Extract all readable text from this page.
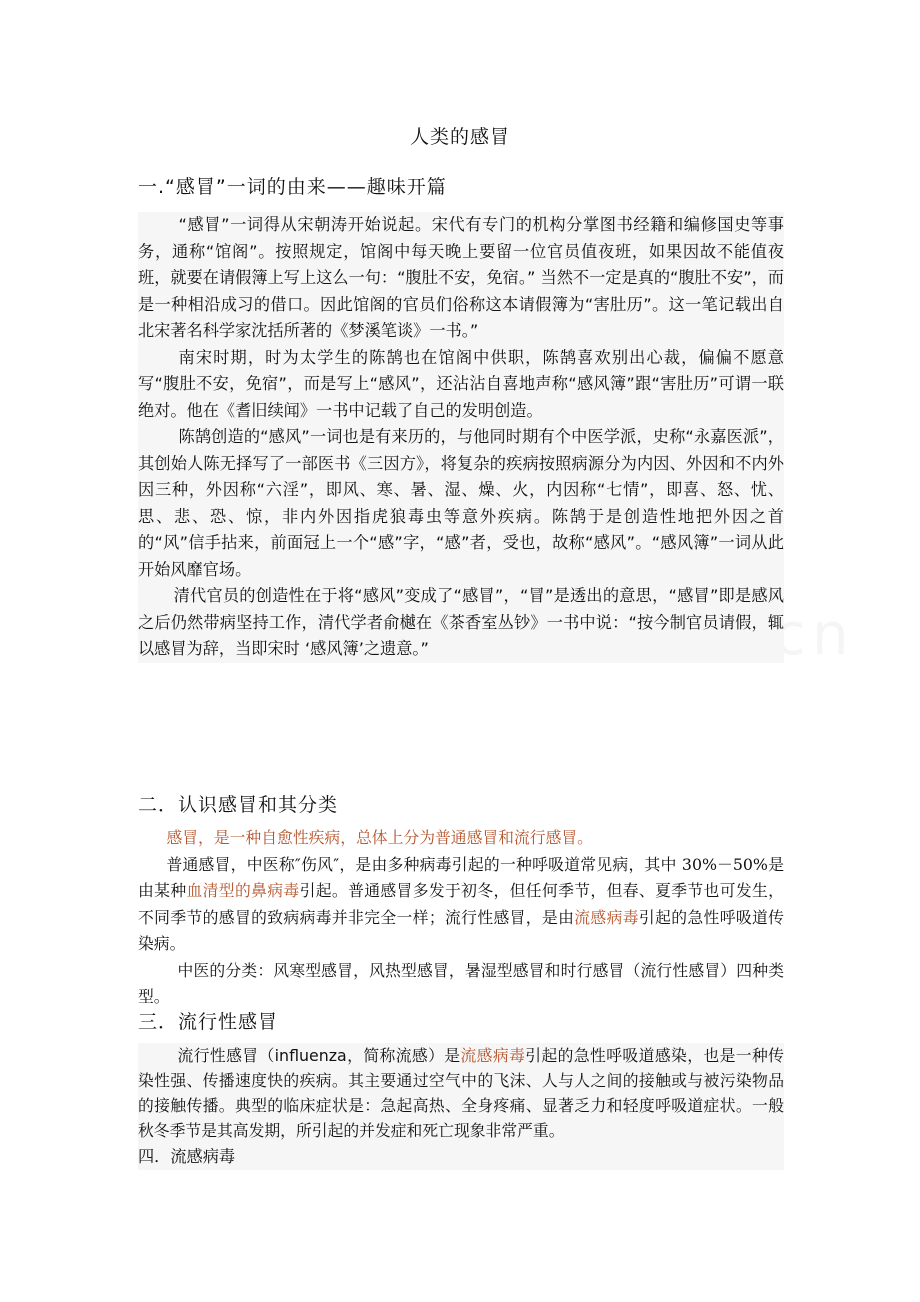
人类的感冒
一.“感冒”一词的由来——趣味开篇

“感冒”一词得从宋朝涛开始说起。宋代有专门的机构分掌图书经籍和编修国史等事务，通称“馆阁”。按照规定，馆阁中每天晚上要留一位官员值夜班，如果因故不能值夜班，就要在请假簿上写上这么一句：“腹肚不安，免宿。” 当然不一定是真的“腹肚不安”，而是一种相沿成习的借口。因此馆阁的官员们俗称这本请假簿为“害肚历”。这一笔记载出自北宋著名科学家沈括所著的《梦溪笔谈》一书。”

南宋时期，时为太学生的陈鹄也在馆阁中供职，陈鹄喜欢别出心裁，偏偏不愿意写“腹肚不安，免宿”，而是写上“感风”，还沾沾自喜地声称“感风簿”跟“害肚历”可谓一联绝对。他在《耆旧续闻》一书中记载了自己的发明创造。

陈鹄创造的“感风”一词也是有来历的，与他同时期有个中医学派，史称“永嘉医派”，其创始人陈无择写了一部医书《三因方》，将复杂的疾病按照病源分为内因、外因和不内外因三种，外因称“六淫”，即风、寒、暑、湿、燥、火，内因称“七情”，即喜、怒、忧、思、悲、恐、惊，非内外因指虎狼毒虫等意外疾病。陈鹄于是创造性地把外因之首的“风”信手拈来，前面冠上一个“感”字，“感”者，受也，故称“感风”。“感风簿”一词从此开始风靡官场。

清代官员的创造性在于将“感风”变成了“感冒”，“冒”是透出的意思，“感冒”即是感风之后仍然带病坚持工作，清代学者俞樾在《茶香室丛钞》一书中说：“按今制官员请假，辄以感冒为辞，当即宋时 ‘感风簿’之遗意。”

二．认识感冒和其分类

感冒，是一种自愈性疾病，总体上分为普通感冒和流行感冒。

普通感冒，中医称″伤风″，是由多种病毒引起的一种呼吸道常见病，其中 30%－50%是由某种血清型的鼻病毒引起。普通感冒多发于初冬，但任何季节，但春、夏季节也可发生，不同季节的感冒的致病病毒并非完全一样；流行性感冒，是由流感病毒引起的急性呼吸道传染病。

中医的分类：风寒型感冒，风热型感冒，暑湿型感冒和时行感冒（流行性感冒）四种类型。

三．流行性感冒

流行性感冒（influenza，简称流感）是流感病毒引起的急性呼吸道感染，也是一种传染性强、传播速度快的疾病。其主要通过空气中的飞沫、人与人之间的接触或与被污染物品的接触传播。典型的临床症状是：急起高热、全身疼痛、显著乏力和轻度呼吸道症状。一般秋冬季节是其高发期，所引起的并发症和死亡现象非常严重。

四．流感病毒
